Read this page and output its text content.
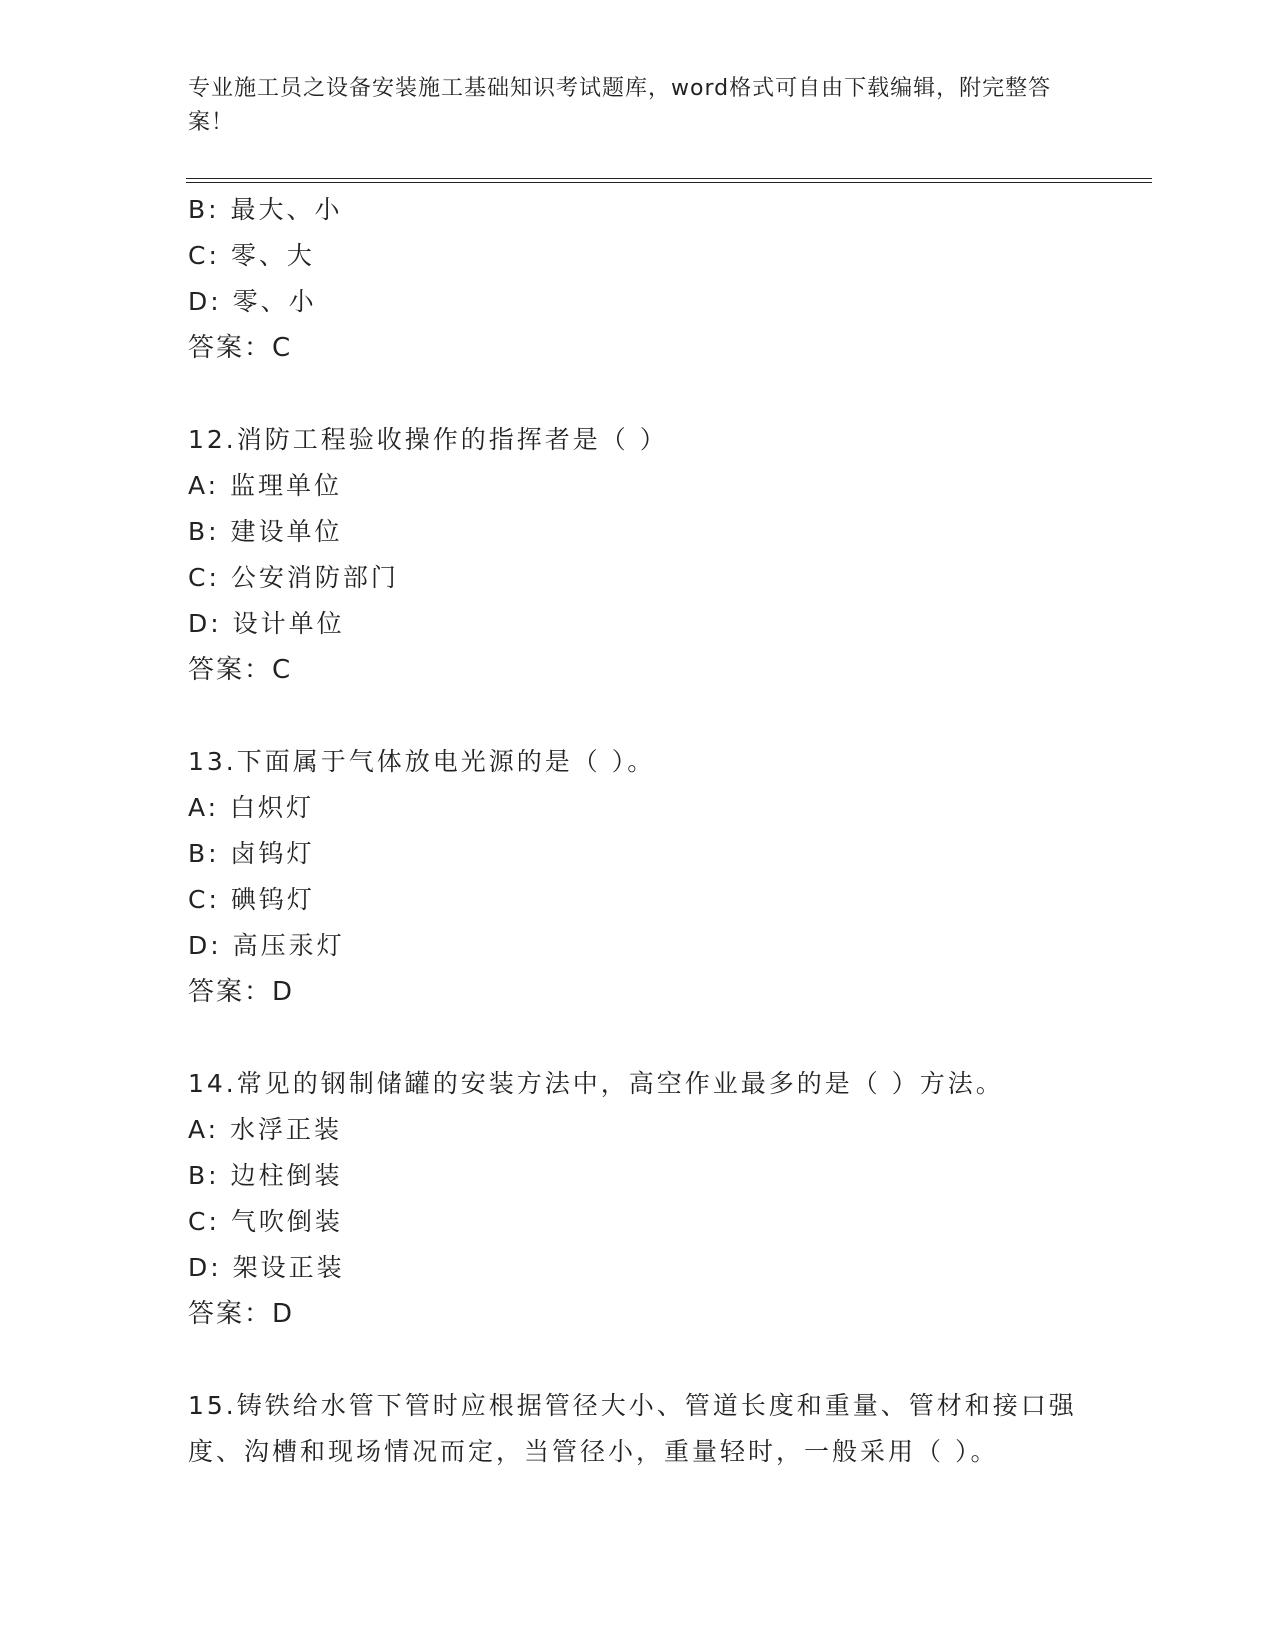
专业施工员之设备安装施工基础知识考试题库，word格式可自由下载编辑，附完整答案！
B: 最大、小
C: 零、大
D: 零、小
答案：C
12.消防工程验收操作的指挥者是（ ）
A: 监理单位
B: 建设单位
C: 公安消防部门
D: 设计单位
答案：C
13.下面属于气体放电光源的是（ ）。
A: 白炽灯
B: 卤钨灯
C: 碘钨灯
D: 高压汞灯
答案：D
14.常见的钢制储罐的安装方法中，高空作业最多的是（ ）方法。
A: 水浮正装
B: 边柱倒装
C: 气吹倒装
D: 架设正装
答案：D
15.铸铁给水管下管时应根据管径大小、管道长度和重量、管材和接口强度、沟槽和现场情况而定，当管径小，重量轻时，一般采用（ ）。
